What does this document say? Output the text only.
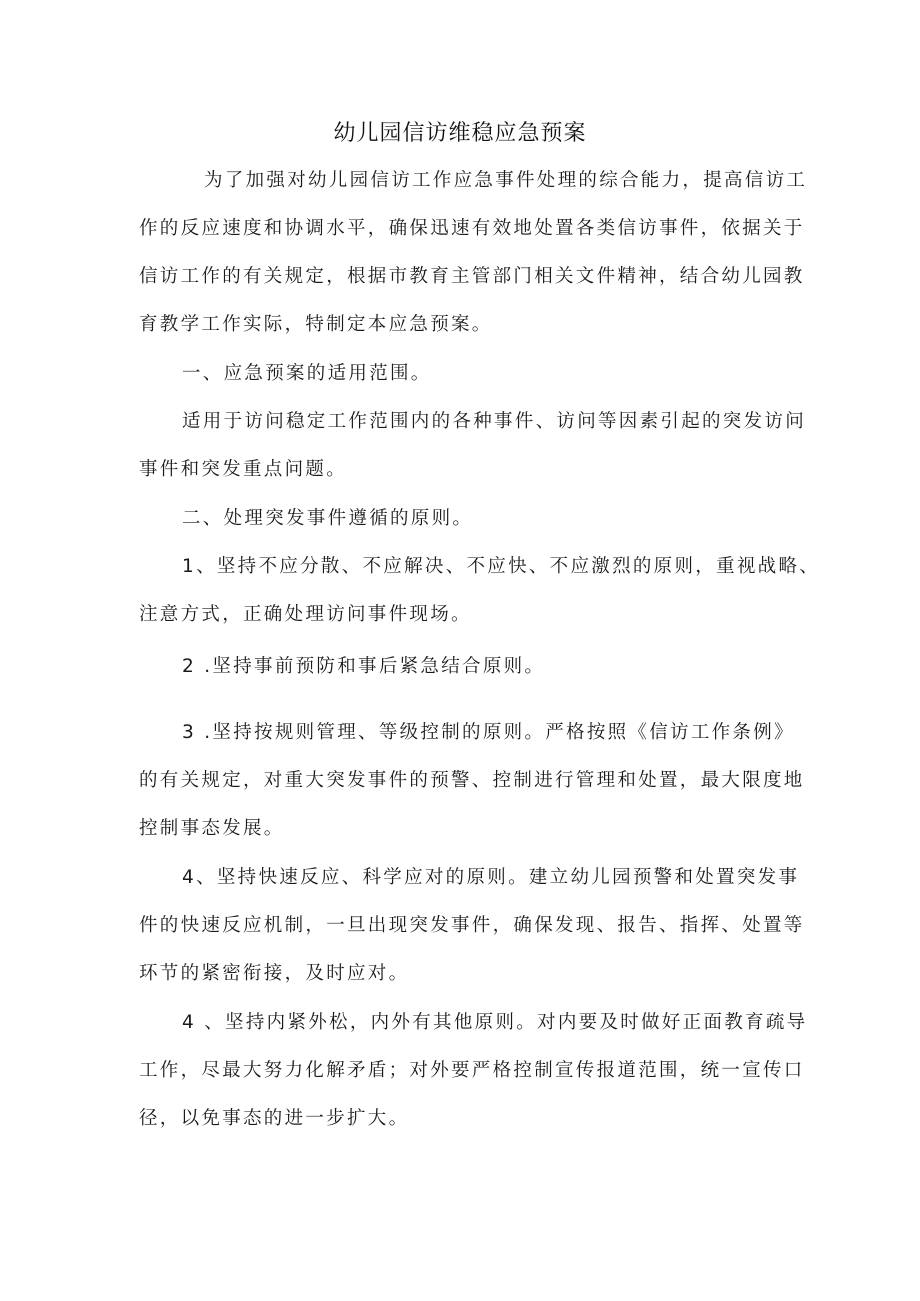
幼儿园信访维稳应急预案
为了加强对幼儿园信访工作应急事件处理的综合能力，提高信访工
作的反应速度和协调水平，确保迅速有效地处置各类信访事件，依据关于
信访工作的有关规定，根据市教育主管部门相关文件精神，结合幼儿园教
育教学工作实际，特制定本应急预案。
一、应急预案的适用范围。
适用于访问稳定工作范围内的各种事件、访问等因素引起的突发访问
事件和突发重点问题。
二、处理突发事件遵循的原则。
1、坚持不应分散、不应解决、不应快、不应激烈的原则，重视战略、
注意方式，正确处理访问事件现场。
2 .坚持事前预防和事后紧急结合原则。
3 .坚持按规则管理、等级控制的原则。严格按照《信访工作条例》
的有关规定，对重大突发事件的预警、控制进行管理和处置，最大限度地
控制事态发展。
4、坚持快速反应、科学应对的原则。建立幼儿园预警和处置突发事
件的快速反应机制，一旦出现突发事件，确保发现、报告、指挥、处置等
环节的紧密衔接，及时应对。
4 、坚持内紧外松，内外有其他原则。对内要及时做好正面教育疏导
工作，尽最大努力化解矛盾；对外要严格控制宣传报道范围，统一宣传口
径，以免事态的进一步扩大。
